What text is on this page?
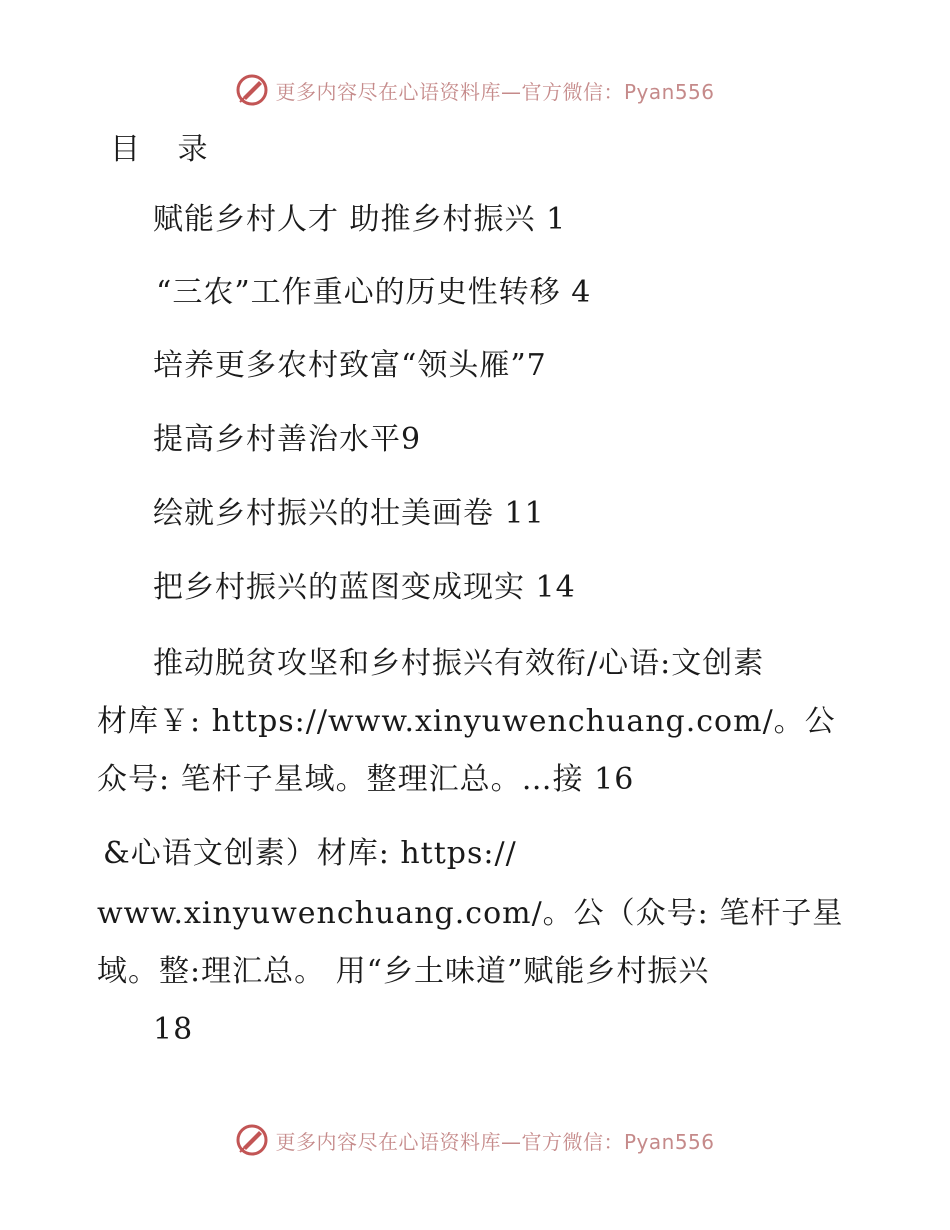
更多内容尽在心语资料库—官方微信：Pyan556
目 录
赋能乡村人才 助推乡村振兴 1
“三农”工作重心的历史性转移 4
培养更多农村致富“领头雁”7
提高乡村善治水平9
绘就乡村振兴的壮美画卷 11
把乡村振兴的蓝图变成现实 14
推动脱贫攻坚和乡村振兴有效衔/心语:文创素
材库￥: https://www.xinyuwenchuang.com/。公
众号: 笔杆子星域。整理汇总。…接 16
&心语文创素）材库: https://
www.xinyuwenchuang.com/。公（众号: 笔杆子星
域。整:理汇总。 用“乡土味道”赋能乡村振兴
18
更多内容尽在心语资料库—官方微信：Pyan556
